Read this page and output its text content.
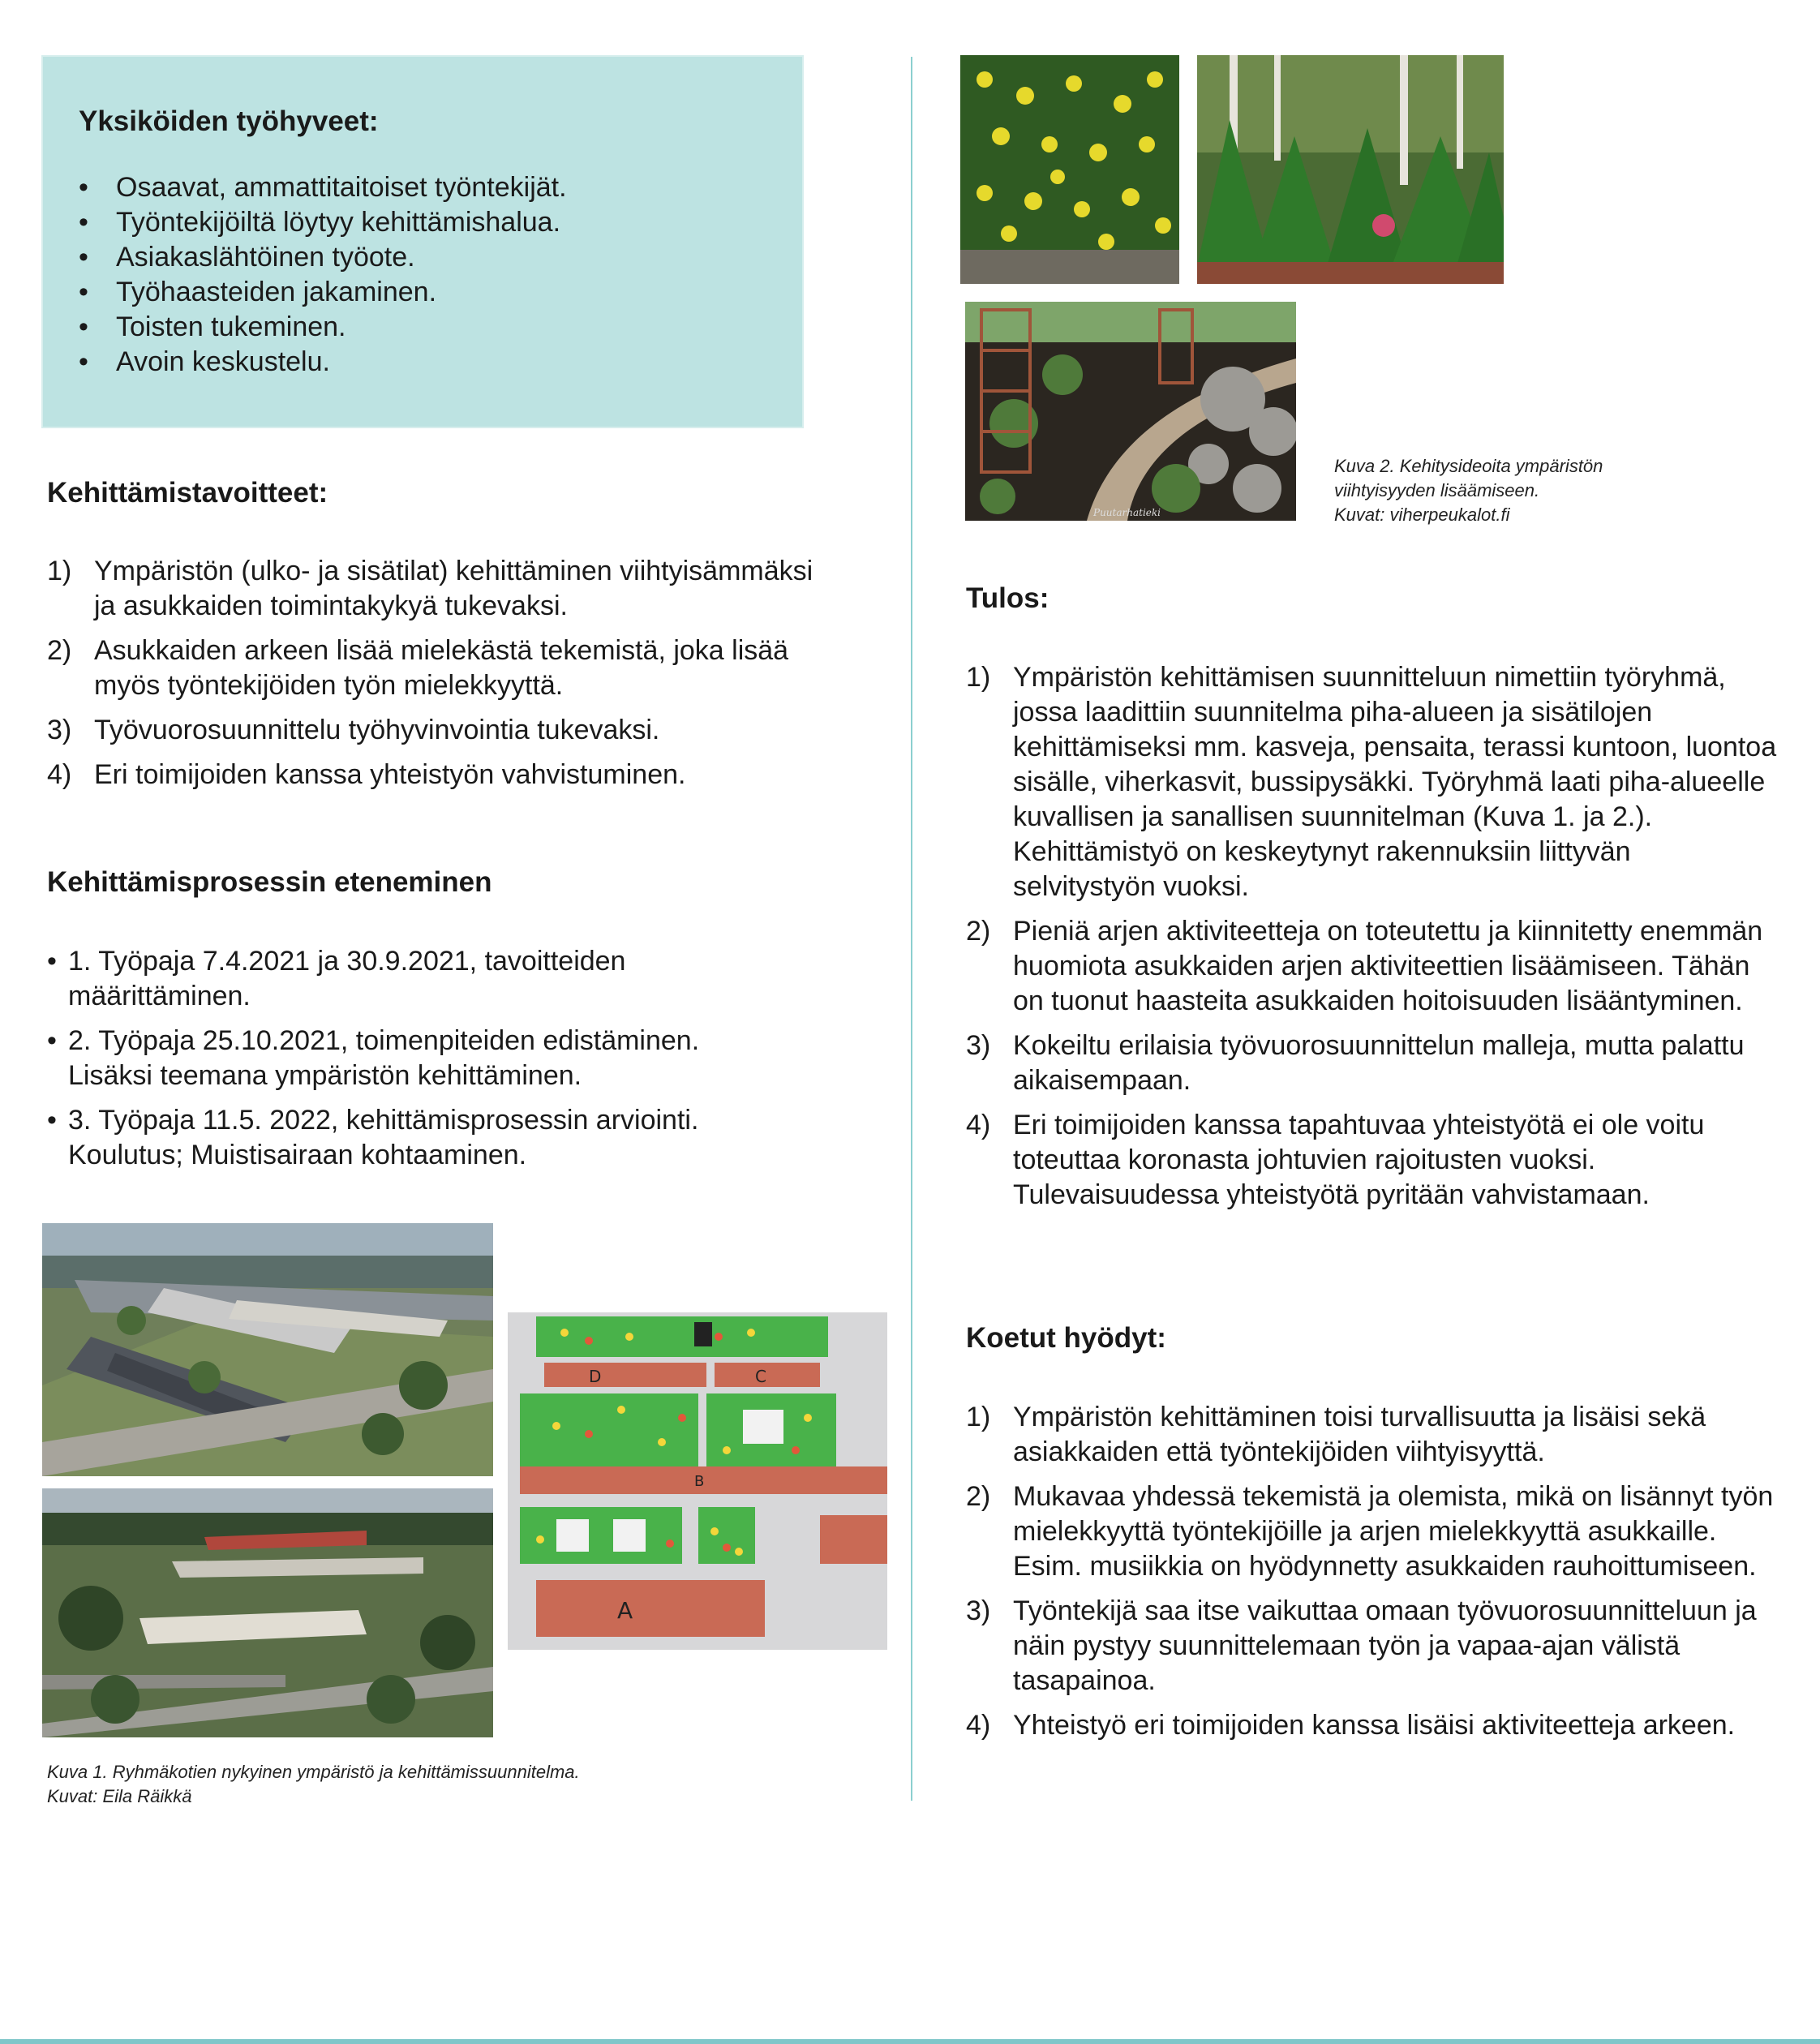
Yksiköiden työhyveet:
• Osaavat, ammattitaitoiset työntekijät.
• Työntekijöiltä löytyy kehittämishalua.
• Asiakaslähtöinen työote.
• Työhaasteiden jakaminen.
• Toisten tukeminen.
• Avoin keskustelu.
Kehittämistavoitteet:
1) Ympäristön (ulko- ja sisätilat) kehittäminen viihtyisämmäksi ja asukkaiden toimintakykyä tukevaksi.
2) Asukkaiden arkeen lisää mielekästä tekemistä, joka lisää myös työntekijöiden työn mielekkyyttä.
3) Työvuorosuunnittelu työhyvinvointia tukevaksi.
4) Eri toimijoiden kanssa yhteistyön vahvistuminen.
Kehittämisprosessin eteneminen
• 1. Työpaja 7.4.2021 ja 30.9.2021, tavoitteiden määrittäminen.
• 2. Työpaja 25.10.2021, toimenpiteiden edistäminen. Lisäksi teemana ympäristön kehittäminen.
• 3. Työpaja 11.5. 2022, kehittämisprosessin arviointi. Koulutus; Muistisairaan kohtaaminen.
D	C
B
A
Kuva 1. Ryhmäkotien nykyinen ympäristö ja kehittämissuunnitelma.
Kuvat: Eila Räikkä
Puutarhatieki
Kuva 2. Kehitysideoita ympäristön
viihtyisyyden lisäämiseen.
Kuvat: viherpeukalot.fi
Tulos:
1) Ympäristön kehittämisen suunnitteluun nimettiin työryhmä, jossa laadittiin suunnitelma piha-alueen ja sisätilojen kehittämiseksi mm. kasveja, pensaita, terassi kuntoon, luontoa sisälle, viherkasvit, bussipysäkki. Työryhmä laati piha-alueelle kuvallisen ja sanallisen suunnitelman (Kuva 1. ja 2.). Kehittämistyö on keskeytynyt rakennuksiin liittyvän selvitystyön vuoksi.
2) Pieniä arjen aktiviteetteja on toteutettu ja kiinnitetty enemmän huomiota asukkaiden arjen aktiviteettien lisäämiseen. Tähän on tuonut haasteita asukkaiden hoitoisuuden lisääntyminen.
3) Kokeiltu erilaisia työvuorosuunnittelun malleja, mutta palattu aikaisempaan.
4) Eri toimijoiden kanssa tapahtuvaa yhteistyötä ei ole voitu toteuttaa koronasta johtuvien rajoitusten vuoksi. Tulevaisuudessa yhteistyötä pyritään vahvistamaan.
Koetut hyödyt:
1) Ympäristön kehittäminen toisi turvallisuutta ja lisäisi sekä asiakkaiden että työntekijöiden viihtyisyyttä.
2) Mukavaa yhdessä tekemistä ja olemista, mikä on lisännyt työn mielekkyyttä työntekijöille ja arjen mielekkyyttä asukkaille. Esim. musiikkia on hyödynnetty asukkaiden rauhoittumiseen.
3) Työntekijä saa itse vaikuttaa omaan työvuorosuunnitteluun ja näin pystyy suunnittelemaan työn ja vapaa-ajan välistä tasapainoa.
4) Yhteistyö eri toimijoiden kanssa lisäisi aktiviteetteja arkeen.
